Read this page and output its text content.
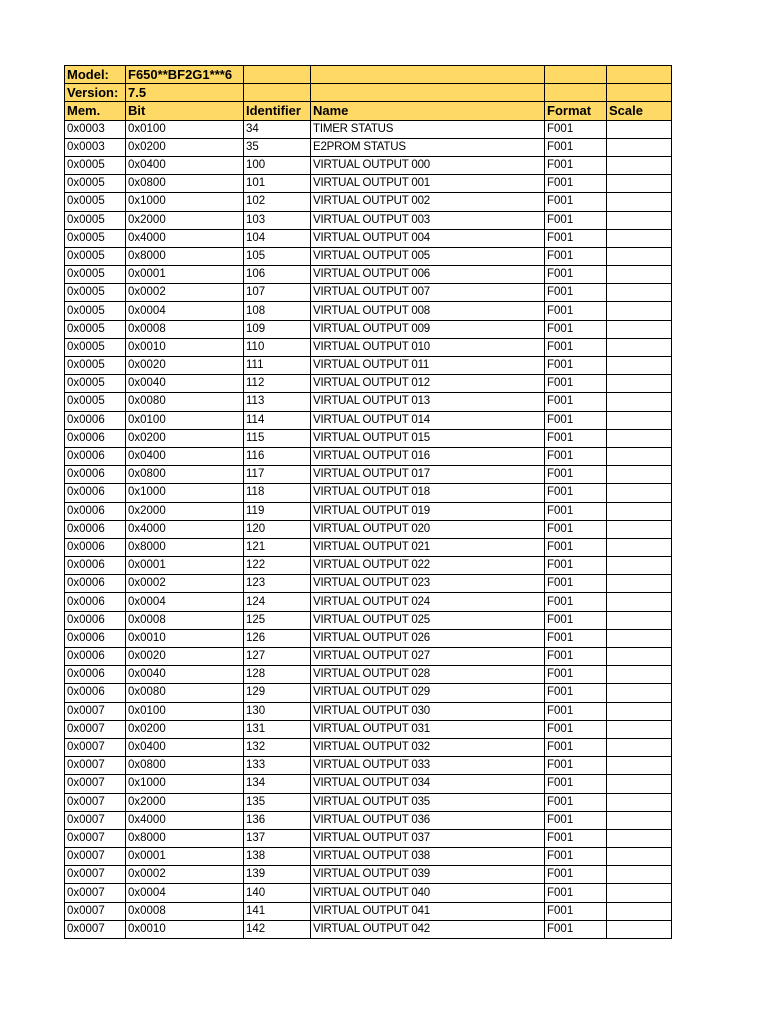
Model:	F650**BF2G1***6				
Version:	7.5				
Mem.	Bit	Identifier	Name	Format	Scale
0x0003	0x0100	34	TIMER STATUS	F001	
0x0003	0x0200	35	E2PROM STATUS	F001	
0x0005	0x0400	100	VIRTUAL OUTPUT 000	F001	
0x0005	0x0800	101	VIRTUAL OUTPUT 001	F001	
0x0005	0x1000	102	VIRTUAL OUTPUT 002	F001	
0x0005	0x2000	103	VIRTUAL OUTPUT 003	F001	
0x0005	0x4000	104	VIRTUAL OUTPUT 004	F001	
0x0005	0x8000	105	VIRTUAL OUTPUT 005	F001	
0x0005	0x0001	106	VIRTUAL OUTPUT 006	F001	
0x0005	0x0002	107	VIRTUAL OUTPUT 007	F001	
0x0005	0x0004	108	VIRTUAL OUTPUT 008	F001	
0x0005	0x0008	109	VIRTUAL OUTPUT 009	F001	
0x0005	0x0010	110	VIRTUAL OUTPUT 010	F001	
0x0005	0x0020	111	VIRTUAL OUTPUT 011	F001	
0x0005	0x0040	112	VIRTUAL OUTPUT 012	F001	
0x0005	0x0080	113	VIRTUAL OUTPUT 013	F001	
0x0006	0x0100	114	VIRTUAL OUTPUT 014	F001	
0x0006	0x0200	115	VIRTUAL OUTPUT 015	F001	
0x0006	0x0400	116	VIRTUAL OUTPUT 016	F001	
0x0006	0x0800	117	VIRTUAL OUTPUT 017	F001	
0x0006	0x1000	118	VIRTUAL OUTPUT 018	F001	
0x0006	0x2000	119	VIRTUAL OUTPUT 019	F001	
0x0006	0x4000	120	VIRTUAL OUTPUT 020	F001	
0x0006	0x8000	121	VIRTUAL OUTPUT 021	F001	
0x0006	0x0001	122	VIRTUAL OUTPUT 022	F001	
0x0006	0x0002	123	VIRTUAL OUTPUT 023	F001	
0x0006	0x0004	124	VIRTUAL OUTPUT 024	F001	
0x0006	0x0008	125	VIRTUAL OUTPUT 025	F001	
0x0006	0x0010	126	VIRTUAL OUTPUT 026	F001	
0x0006	0x0020	127	VIRTUAL OUTPUT 027	F001	
0x0006	0x0040	128	VIRTUAL OUTPUT 028	F001	
0x0006	0x0080	129	VIRTUAL OUTPUT 029	F001	
0x0007	0x0100	130	VIRTUAL OUTPUT 030	F001	
0x0007	0x0200	131	VIRTUAL OUTPUT 031	F001	
0x0007	0x0400	132	VIRTUAL OUTPUT 032	F001	
0x0007	0x0800	133	VIRTUAL OUTPUT 033	F001	
0x0007	0x1000	134	VIRTUAL OUTPUT 034	F001	
0x0007	0x2000	135	VIRTUAL OUTPUT 035	F001	
0x0007	0x4000	136	VIRTUAL OUTPUT 036	F001	
0x0007	0x8000	137	VIRTUAL OUTPUT 037	F001	
0x0007	0x0001	138	VIRTUAL OUTPUT 038	F001	
0x0007	0x0002	139	VIRTUAL OUTPUT 039	F001	
0x0007	0x0004	140	VIRTUAL OUTPUT 040	F001	
0x0007	0x0008	141	VIRTUAL OUTPUT 041	F001	
0x0007	0x0010	142	VIRTUAL OUTPUT 042	F001	
